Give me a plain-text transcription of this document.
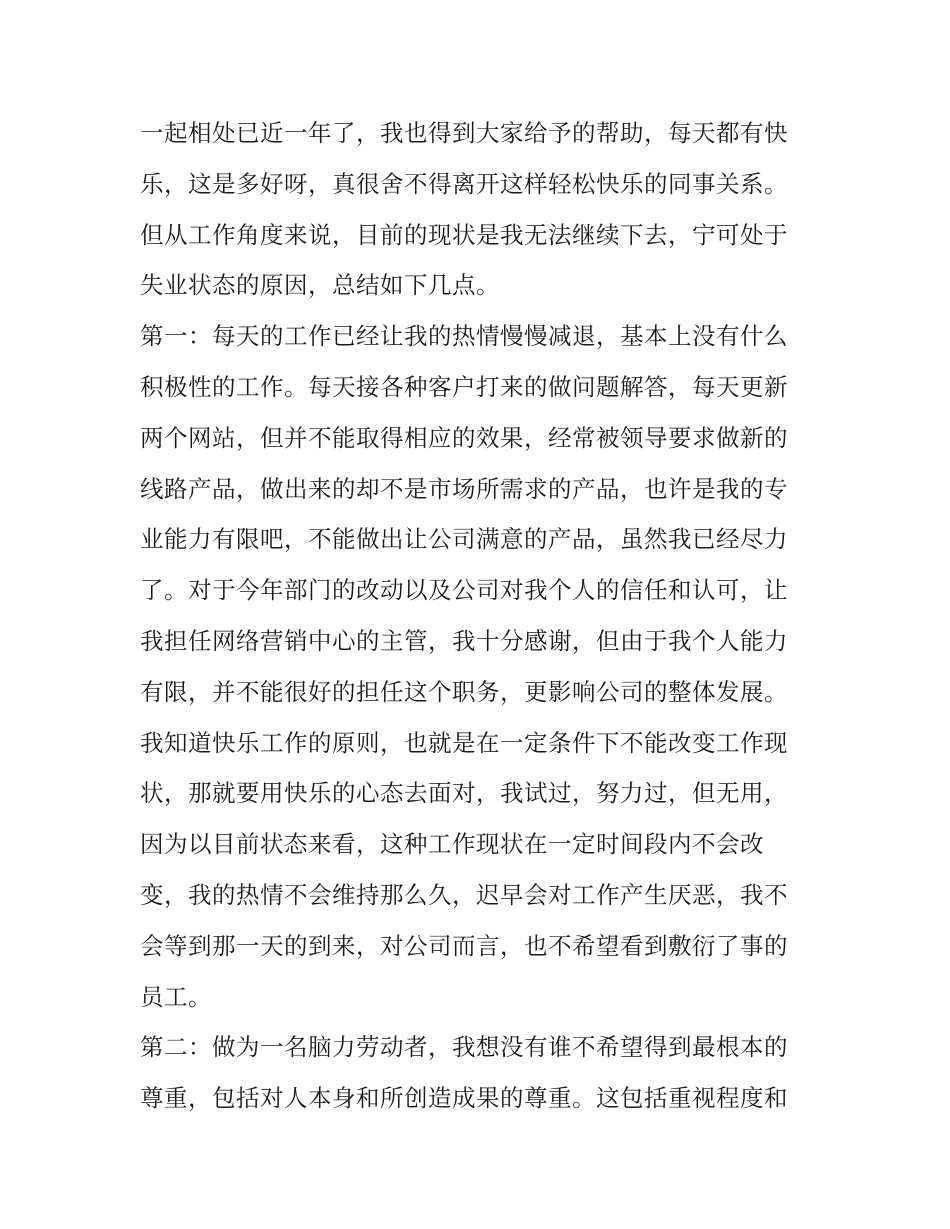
一起相处已近一年了，我也得到大家给予的帮助，每天都有快
乐，这是多好呀，真很舍不得离开这样轻松快乐的同事关系。
但从工作角度来说，目前的现状是我无法继续下去，宁可处于
失业状态的原因，总结如下几点。
第一：每天的工作已经让我的热情慢慢减退，基本上没有什么
积极性的工作。每天接各种客户打来的做问题解答，每天更新
两个网站，但并不能取得相应的效果，经常被领导要求做新的
线路产品，做出来的却不是市场所需求的产品，也许是我的专
业能力有限吧，不能做出让公司满意的产品，虽然我已经尽力
了。对于今年部门的改动以及公司对我个人的信任和认可，让
我担任网络营销中心的主管，我十分感谢，但由于我个人能力
有限，并不能很好的担任这个职务，更影响公司的整体发展。
我知道快乐工作的原则，也就是在一定条件下不能改变工作现
状，那就要用快乐的心态去面对，我试过，努力过，但无用，
因为以目前状态来看，这种工作现状在一定时间段内不会改
变，我的热情不会维持那么久，迟早会对工作产生厌恶，我不
会等到那一天的到来，对公司而言，也不希望看到敷衍了事的
员工。
第二：做为一名脑力劳动者，我想没有谁不希望得到最根本的
尊重，包括对人本身和所创造成果的尊重。这包括重视程度和
